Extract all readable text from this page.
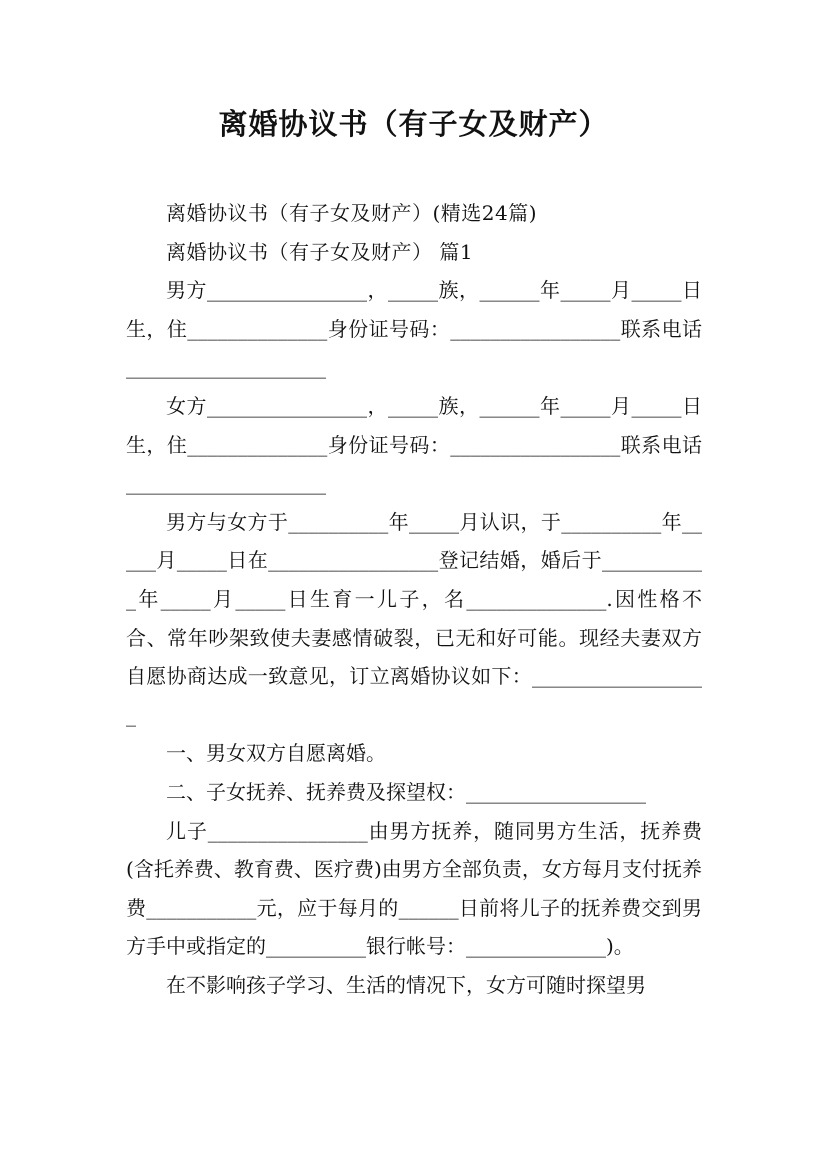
离婚协议书（有子女及财产）

离婚协议书（有子女及财产）(精选24篇)

离婚协议书（有子女及财产） 篇1

男方________________，_____族，______年_____月_____日生，住______________身份证号码：_________________联系电话____________________

女方________________，_____族，______年_____月_____日生，住______________身份证号码：_________________联系电话____________________

男方与女方于__________年_____月认识，于__________年_____月_____日在_________________登记结婚，婚后于___________年_____月_____日生育一儿子，名______________.因性格不合、常年吵架致使夫妻感情破裂，已无和好可能。现经夫妻双方自愿协商达成一致意见，订立离婚协议如下：__________________

一、男女双方自愿离婚。

二、子女抚养、抚养费及探望权：__________________

儿子________________由男方抚养，随同男方生活，抚养费(含托养费、教育费、医疗费)由男方全部负责，女方每月支付抚养费___________元，应于每月的______日前将儿子的抚养费交到男方手中或指定的__________银行帐号：______________)。

在不影响孩子学习、生活的情况下，女方可随时探望男
